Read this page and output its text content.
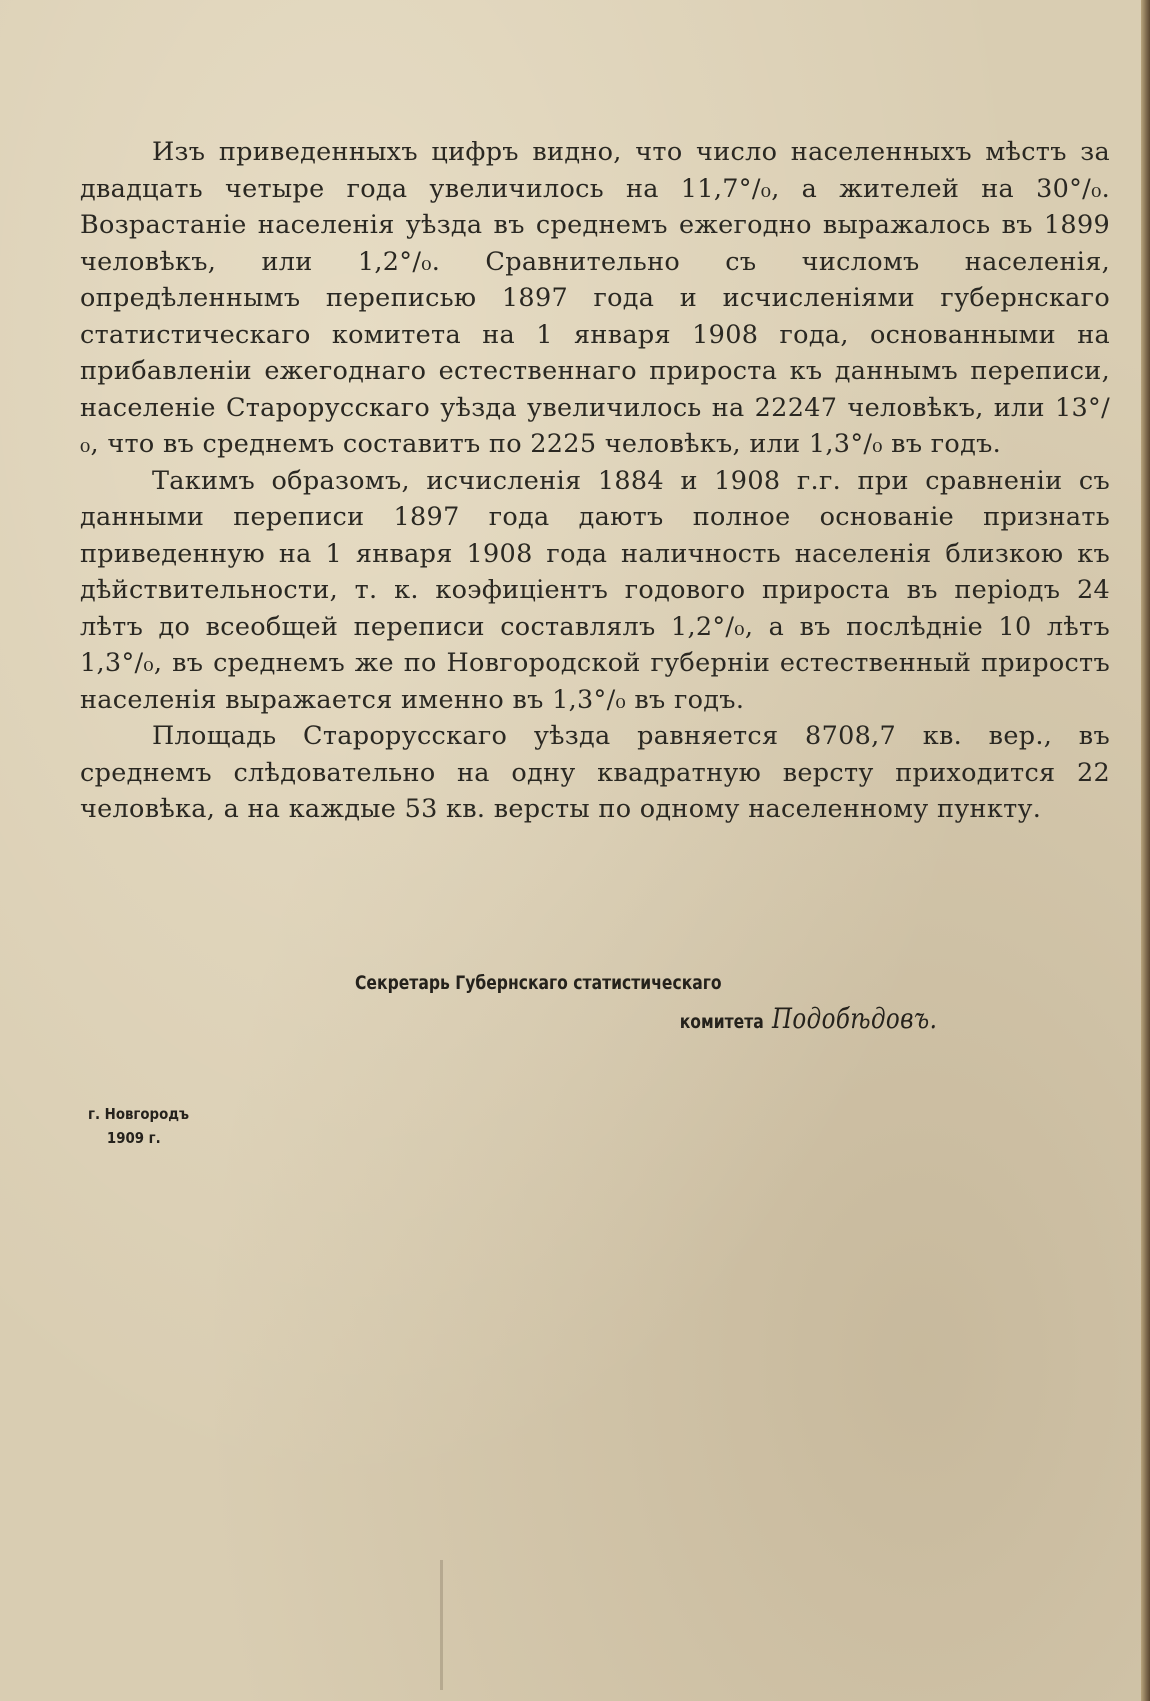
Изъ приведенныхъ цифръ видно, что число населенныхъ мѣстъ за двадцать четыре года увеличилось на 11,7°/₀, а жителей на 30°/₀. Возрастаніе населенія уѣзда въ среднемъ ежегодно выражалось въ 1899 человѣкъ, или 1,2°/₀. Сравнительно съ числомъ населенія, опредѣленнымъ переписью 1897 года и исчисленіями губернскаго статистическаго комитета на 1 января 1908 года, основанными на прибавленіи ежегоднаго естественнаго прироста къ даннымъ переписи, населеніе Старорусскаго уѣзда увеличилось на 22247 человѣкъ, или 13°/₀, что въ среднемъ составитъ по 2225 человѣкъ, или 1,3°/₀ въ годъ.

Такимъ образомъ, исчисленія 1884 и 1908 г.г. при сравненіи съ данными переписи 1897 года даютъ полное основаніе признать приведенную на 1 января 1908 года наличность населенія близкою къ дѣйствительности, т. к. коэфиціентъ годового прироста въ періодъ 24 лѣтъ до всеобщей переписи составлялъ 1,2°/₀, а въ послѣдніе 10 лѣтъ 1,3°/₀, въ среднемъ же по Новгородской губерніи естественный приростъ населенія выражается именно въ 1,3°/₀ въ годъ.

Площадь Старорусскаго уѣзда равняется 8708,7 кв. вер., въ среднемъ слѣдовательно на одну квадратную версту приходится 22 человѣка, а на каждые 53 кв. версты по одному населенному пункту.

Секретарь Губернскаго статистическаго
комитета Подобѣдовъ.
г. Новгородъ
1909 г.
